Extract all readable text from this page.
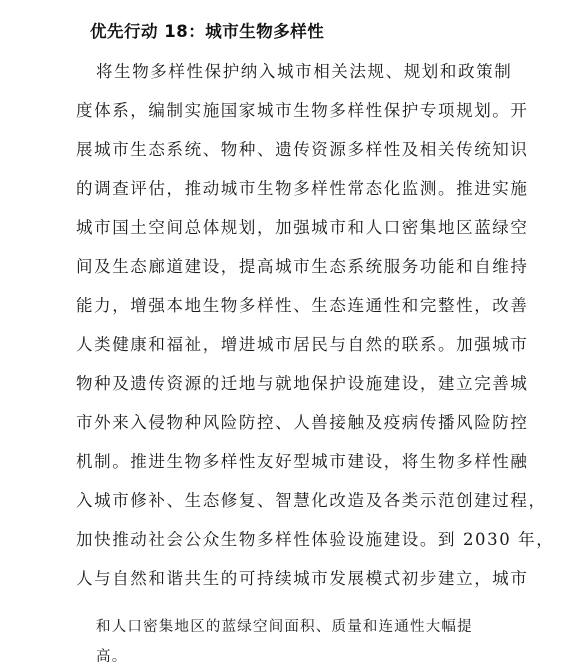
优先行动 18：城市生物多样性
将生物多样性保护纳入城市相关法规、规划和政策制
度体系，编制实施国家城市生物多样性保护专项规划。开
展城市生态系统、物种、遗传资源多样性及相关传统知识
的调查评估，推动城市生物多样性常态化监测。推进实施
城市国土空间总体规划，加强城市和人口密集地区蓝绿空
间及生态廊道建设，提高城市生态系统服务功能和自维持
能力，增强本地生物多样性、生态连通性和完整性，改善
人类健康和福祉，增进城市居民与自然的联系。加强城市
物种及遗传资源的迁地与就地保护设施建设，建立完善城
市外来入侵物种风险防控、人兽接触及疫病传播风险防控
机制。推进生物多样性友好型城市建设，将生物多样性融
入城市修补、生态修复、智慧化改造及各类示范创建过程，
加快推动社会公众生物多样性体验设施建设。到 2030 年，
人与自然和谐共生的可持续城市发展模式初步建立，城市
和人口密集地区的蓝绿空间面积、质量和连通性大幅提
高。
